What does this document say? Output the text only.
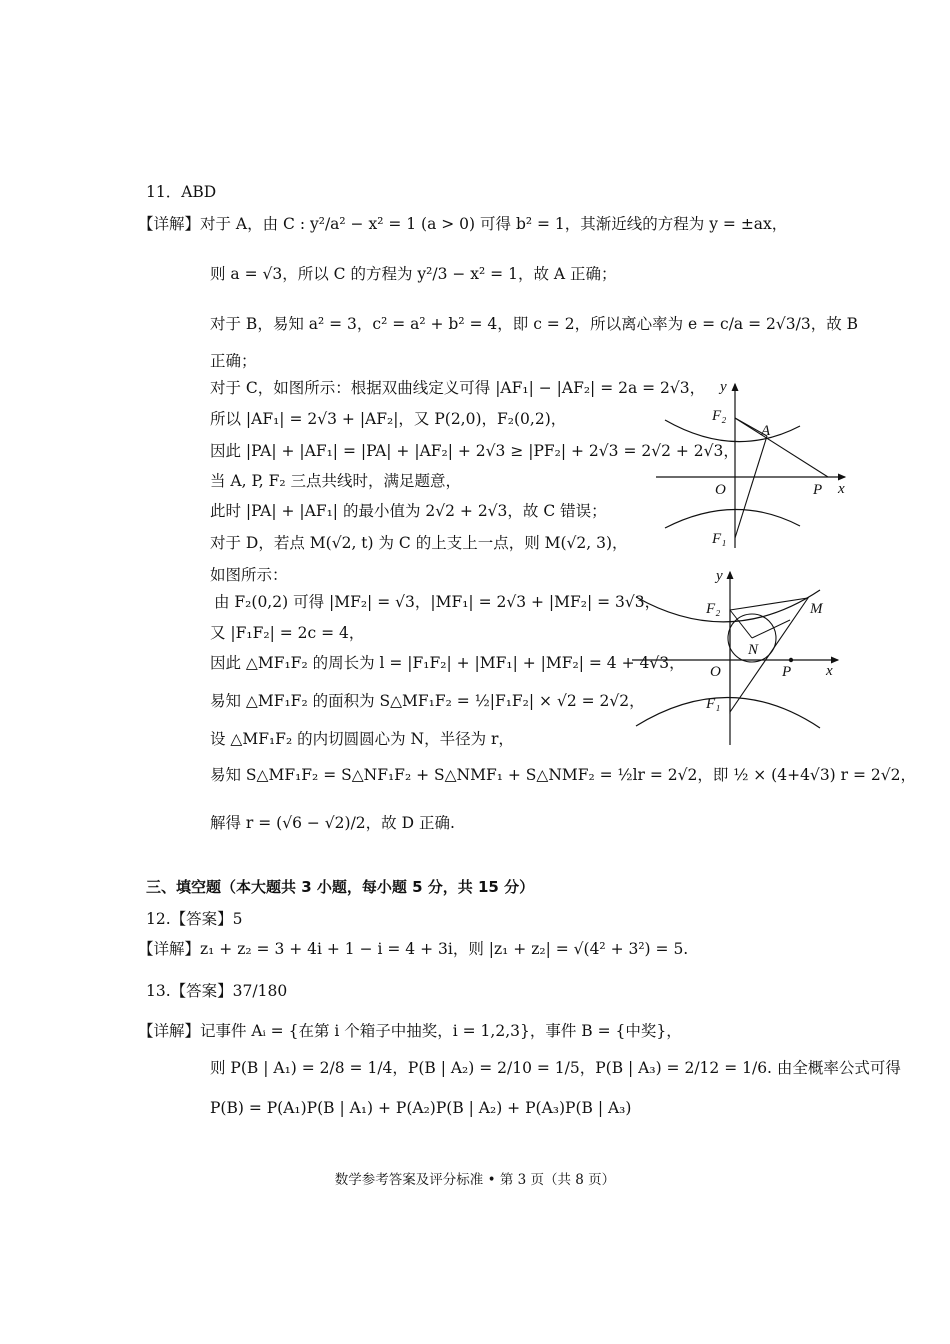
11．ABD
【详解】对于 A，由 C : y²/a² − x² = 1 (a > 0) 可得 b² = 1，其渐近线的方程为 y = ±ax，
则 a = √3，所以 C 的方程为 y²/3 − x² = 1，故 A 正确；
对于 B，易知 a² = 3，c² = a² + b² = 4，即 c = 2，所以离心率为 e = c/a = 2√3/3，故 B
正确；
对于 C，如图所示：根据双曲线定义可得 |AF₁| − |AF₂| = 2a = 2√3，
所以 |AF₁| = 2√3 + |AF₂|，又 P(2,0)，F₂(0,2)，
因此 |PA| + |AF₁| = |PA| + |AF₂| + 2√3 ≥ |PF₂| + 2√3 = 2√2 + 2√3，
当 A, P, F₂ 三点共线时，满足题意，
此时 |PA| + |AF₁| 的最小值为 2√2 + 2√3，故 C 错误；
对于 D，若点 M(√2, t) 为 C 的上支上一点，则 M(√2, 3)，
如图所示：
由 F₂(0,2) 可得 |MF₂| = √3，|MF₁| = 2√3 + |MF₂| = 3√3，
又 |F₁F₂| = 2c = 4，
因此 △MF₁F₂ 的周长为 l = |F₁F₂| + |MF₁| + |MF₂| = 4 + 4√3，
易知 △MF₁F₂ 的面积为 S△MF₁F₂ = ½|F₁F₂| × √2 = 2√2，
设 △MF₁F₂ 的内切圆圆心为 N，半径为 r，
易知 S△MF₁F₂ = S△NF₁F₂ + S△NMF₁ + S△NMF₂ = ½lr = 2√2，即 ½ × (4+4√3) r = 2√2，
解得 r = (√6 − √2)/2，故 D 正确.
三、填空题（本大题共 3 小题，每小题 5 分，共 15 分）
12.【答案】5
【详解】z₁ + z₂ = 3 + 4i + 1 − i = 4 + 3i，则 |z₁ + z₂| = √(4² + 3²) = 5.
13.【答案】37/180
【详解】记事件 Aᵢ = {在第 i 个箱子中抽奖，i = 1,2,3}，事件 B = {中奖}，
则 P(B | A₁) = 2/8 = 1/4，P(B | A₂) = 2/10 = 1/5，P(B | A₃) = 2/12 = 1/6. 由全概率公式可得
P(B) = P(A₁)P(B | A₁) + P(A₂)P(B | A₂) + P(A₃)P(B | A₃)
y
x
O	P
A
F₂
F₁
y
x
O	P
M
N
F₂
F₁
数学参考答案及评分标准 • 第 3 页（共 8 页）
